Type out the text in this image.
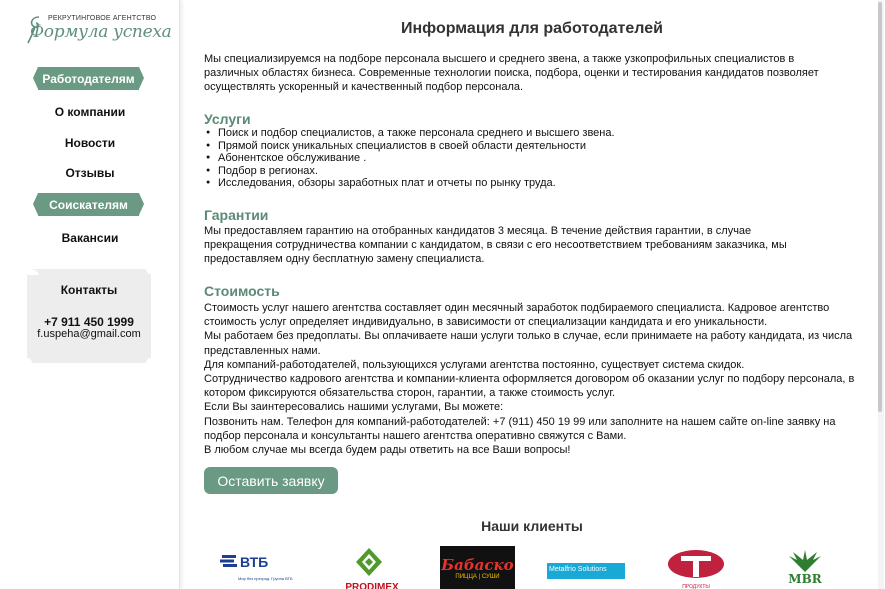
РЕКРУТИНГОВОЕ АГЕНТСТВО
Формула успеха
Работодателям
О компании
Новости
Отзывы
Соискателям
Вакансии
Контакты
+7 911 450 1999
f.uspeha@gmail.com
Информация для работодателей

Мы специализируемся на подборе персонала высшего и среднего звена, а также узкопрофильных специалистов в различных областях бизнеса. Современные технологии поиска, подбора, оценки и тестирования кандидатов позволяет осуществлять ускоренный и качественный подбор персонала.

Услуги
● Поиск и подбор специалистов, а также персонала среднего и высшего звена.
● Прямой поиск уникальных специалистов в своей области деятельности
● Абонентское обслуживание .
● Подбор в регионах.
● Исследования, обзоры заработных плат и отчеты по рынку труда.
Гарантии

Мы предоставляем гарантию на отобранных кандидатов 3 месяца. В течение действия гарантии, в случае прекращения сотрудничества компании с кандидатом, в связи с его несоответствием требованиям заказчика, мы предоставляем одну бесплатную замену специалиста.

Стоимость
Стоимость услуг нашего агентства составляет один месячный заработок подбираемого специалиста. Кадровое агентство стоимость услуг определяет индивидуально, в зависимости от специализации кандидата и его уникальности.
Мы работаем без предоплаты. Вы оплачиваете наши услуги только в случае, если принимаете на работу кандидата, из числа представленных нами.
Для компаний-работодателей, пользующихся услугами агентства постоянно, существует система скидок.
Сотрудничество кадрового агентства и компании-клиента оформляется договором об оказании услуг по подбору персонала, в котором фиксируются обязательства сторон, гарантии, а также стоимость услуг.
Если Вы заинтересовались нашими услугами, Вы можете:
Позвонить нам. Телефон для компаний-работодателей: +7 (911) 450 19 99 или заполните на нашем сайте on-line заявку на подбор персонала и консультанты нашего агентства оперативно свяжутся с Вами.
В любом случае мы всегда будем рады ответить на все Ваши вопросы!
Оставить заявку
Наши клиенты
ВТБ
Мир без преград. Группа ВТБ
PRODIMEX
Бабаско
ПИЦЦА | СУШИ
Metalfrio Solutions
ПРОДУКТЫ
MBR
